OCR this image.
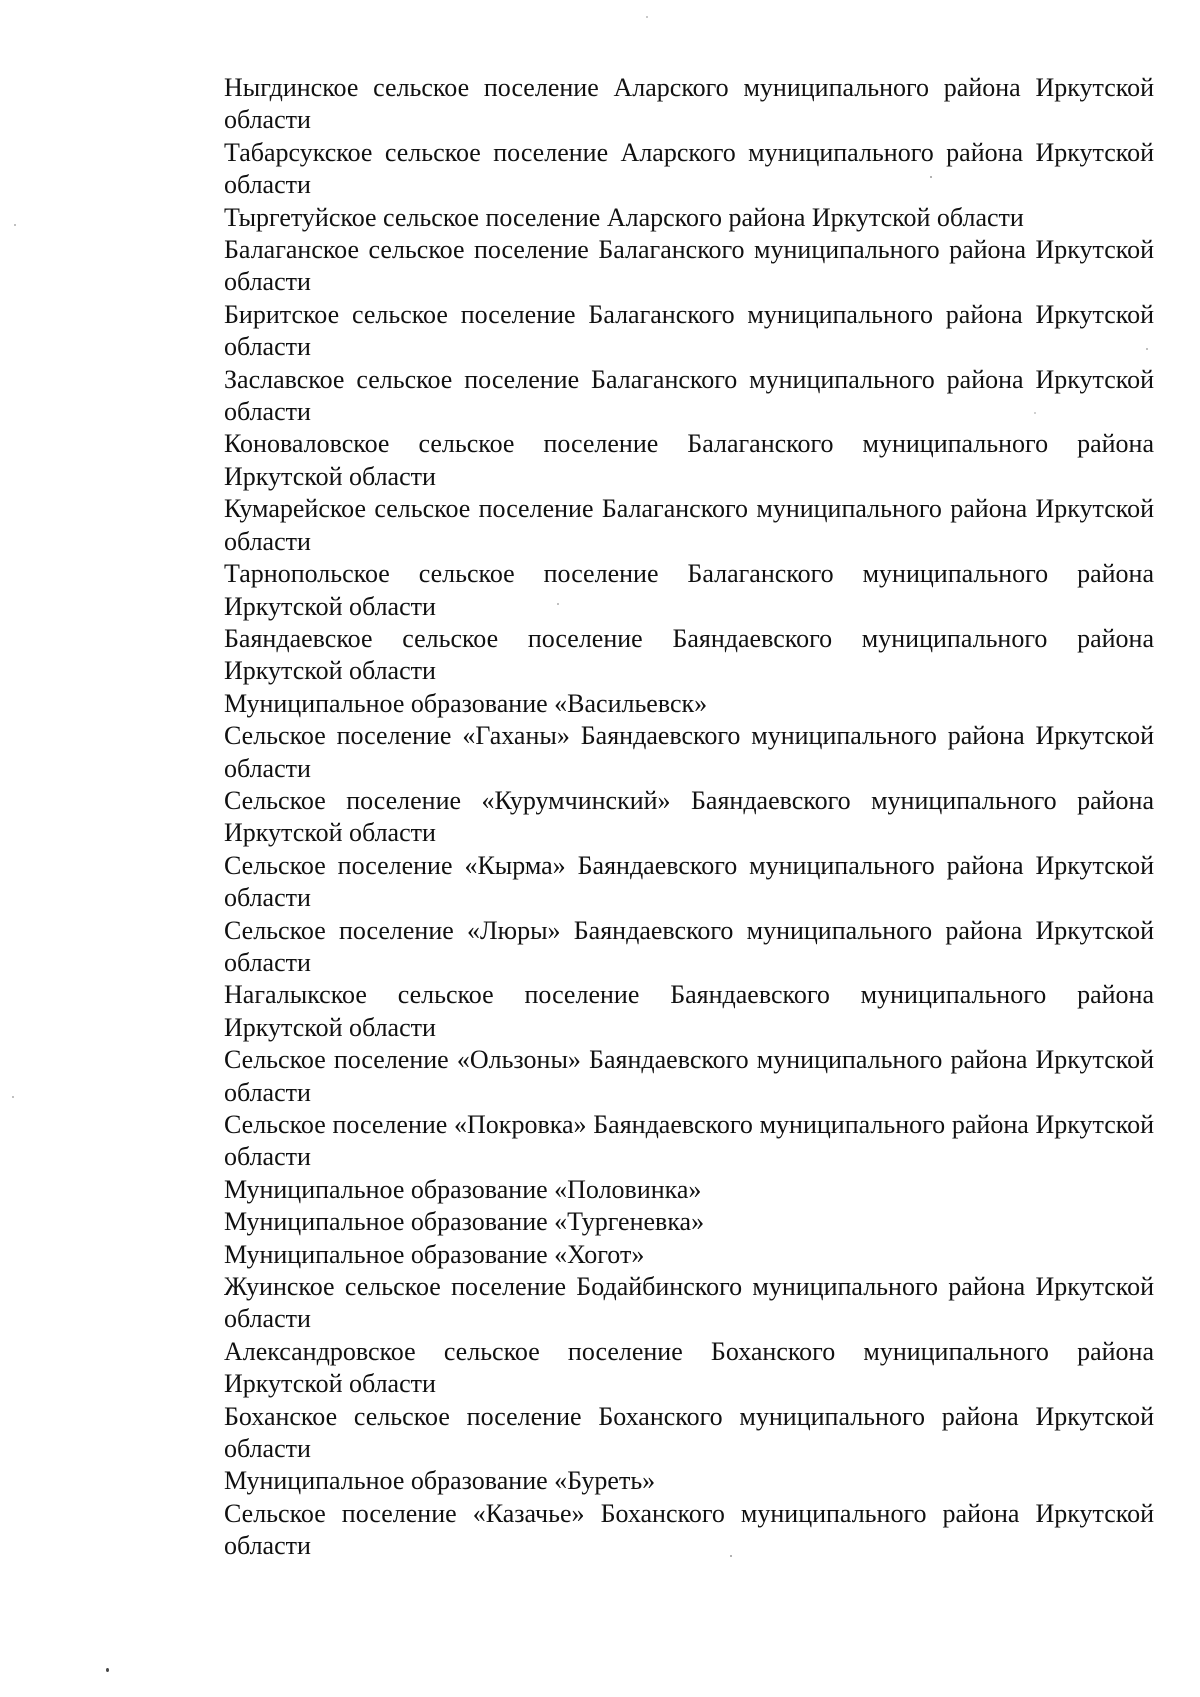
Ныгдинское сельское поселение Аларского муниципального района Иркутской области

Табарсукское сельское поселение Аларского муниципального района Иркутской области

Тыргетуйское сельское поселение Аларского района Иркутской области

Балаганское сельское поселение Балаганского муниципального района Иркутской области

Биритское сельское поселение Балаганского муниципального района Иркутской области

Заславское сельское поселение Балаганского муниципального района Иркутской области

Коноваловское сельское поселение Балаганского муниципального района Иркутской области

Кумарейское сельское поселение Балаганского муниципального района Иркутской области

Тарнопольское сельское поселение Балаганского муниципального района Иркутской области

Баяндаевское сельское поселение Баяндаевского муниципального района Иркутской области

Муниципальное образование «Васильевск»

Сельское поселение «Гаханы» Баяндаевского муниципального района Иркутской области

Сельское поселение «Курумчинский» Баяндаевского муниципального района Иркутской области

Сельское поселение «Кырма» Баяндаевского муниципального района Иркутской области

Сельское поселение «Люры» Баяндаевского муниципального района Иркутской области

Нагалыкское сельское поселение Баяндаевского муниципального района Иркутской области

Сельское поселение «Ользоны» Баяндаевского муниципального района Иркутской области

Сельское поселение «Покровка» Баяндаевского муниципального района Иркутской области

Муниципальное образование «Половинка»

Муниципальное образование «Тургеневка»

Муниципальное образование «Хогот»

Жуинское сельское поселение Бодайбинского муниципального района Иркутской области

Александровское сельское поселение Боханского муниципального района Иркутской области

Боханское сельское поселение Боханского муниципального района Иркутской области

Муниципальное образование «Буреть»

Сельское поселение «Казачье» Боханского муниципального района Иркутской области
